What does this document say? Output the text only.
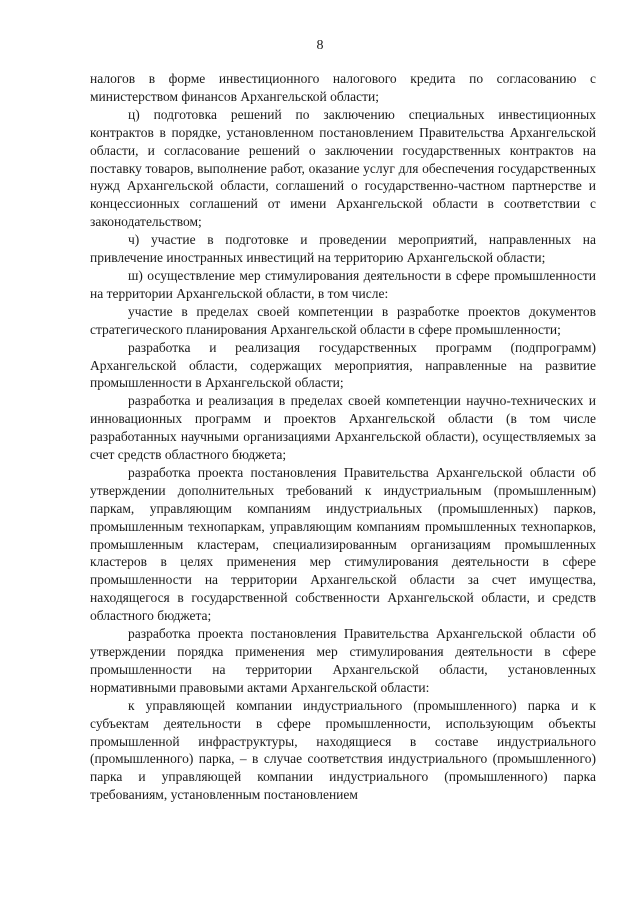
8

налогов в форме инвестиционного налогового кредита по согласованию с министерством финансов Архангельской области;

ц) подготовка решений по заключению специальных инвестиционных контрактов в порядке, установленном постановлением Правительства Архангельской области, и согласование решений о заключении государственных контрактов на поставку товаров, выполнение работ, оказание услуг для обеспечения государственных нужд Архангельской области, соглашений о государственно-частном партнерстве и концессионных соглашений от имени Архангельской области в соответствии с законодательством;

ч) участие в подготовке и проведении мероприятий, направленных на привлечение иностранных инвестиций на территорию Архангельской области;

ш) осуществление мер стимулирования деятельности в сфере промышленности на территории Архангельской области, в том числе:

участие в пределах своей компетенции в разработке проектов документов стратегического планирования Архангельской области в сфере промышленности;

разработка и реализация государственных программ (подпрограмм) Архангельской области, содержащих мероприятия, направленные на развитие промышленности в Архангельской области;

разработка и реализация в пределах своей компетенции научно-технических и инновационных программ и проектов Архангельской области (в том числе разработанных научными организациями Архангельской области), осуществляемых за счет средств областного бюджета;

разработка проекта постановления Правительства Архангельской области об утверждении дополнительных требований к индустриальным (промышленным) паркам, управляющим компаниям индустриальных (промышленных) парков, промышленным технопаркам, управляющим компаниям промышленных технопарков, промышленным кластерам, специализированным организациям промышленных кластеров в целях применения мер стимулирования деятельности в сфере промышленности на территории Архангельской области за счет имущества, находящегося в государственной собственности Архангельской области, и средств областного бюджета;

разработка проекта постановления Правительства Архангельской области об утверждении порядка применения мер стимулирования деятельности в сфере промышленности на территории Архангельской области, установленных нормативными правовыми актами Архангельской области:

к управляющей компании индустриального (промышленного) парка и к субъектам деятельности в сфере промышленности, использующим объекты промышленной инфраструктуры, находящиеся в составе индустриального (промышленного) парка, – в случае соответствия индустриального (промышленного) парка и управляющей компании индустриального (промышленного) парка требованиям, установленным постановлением
